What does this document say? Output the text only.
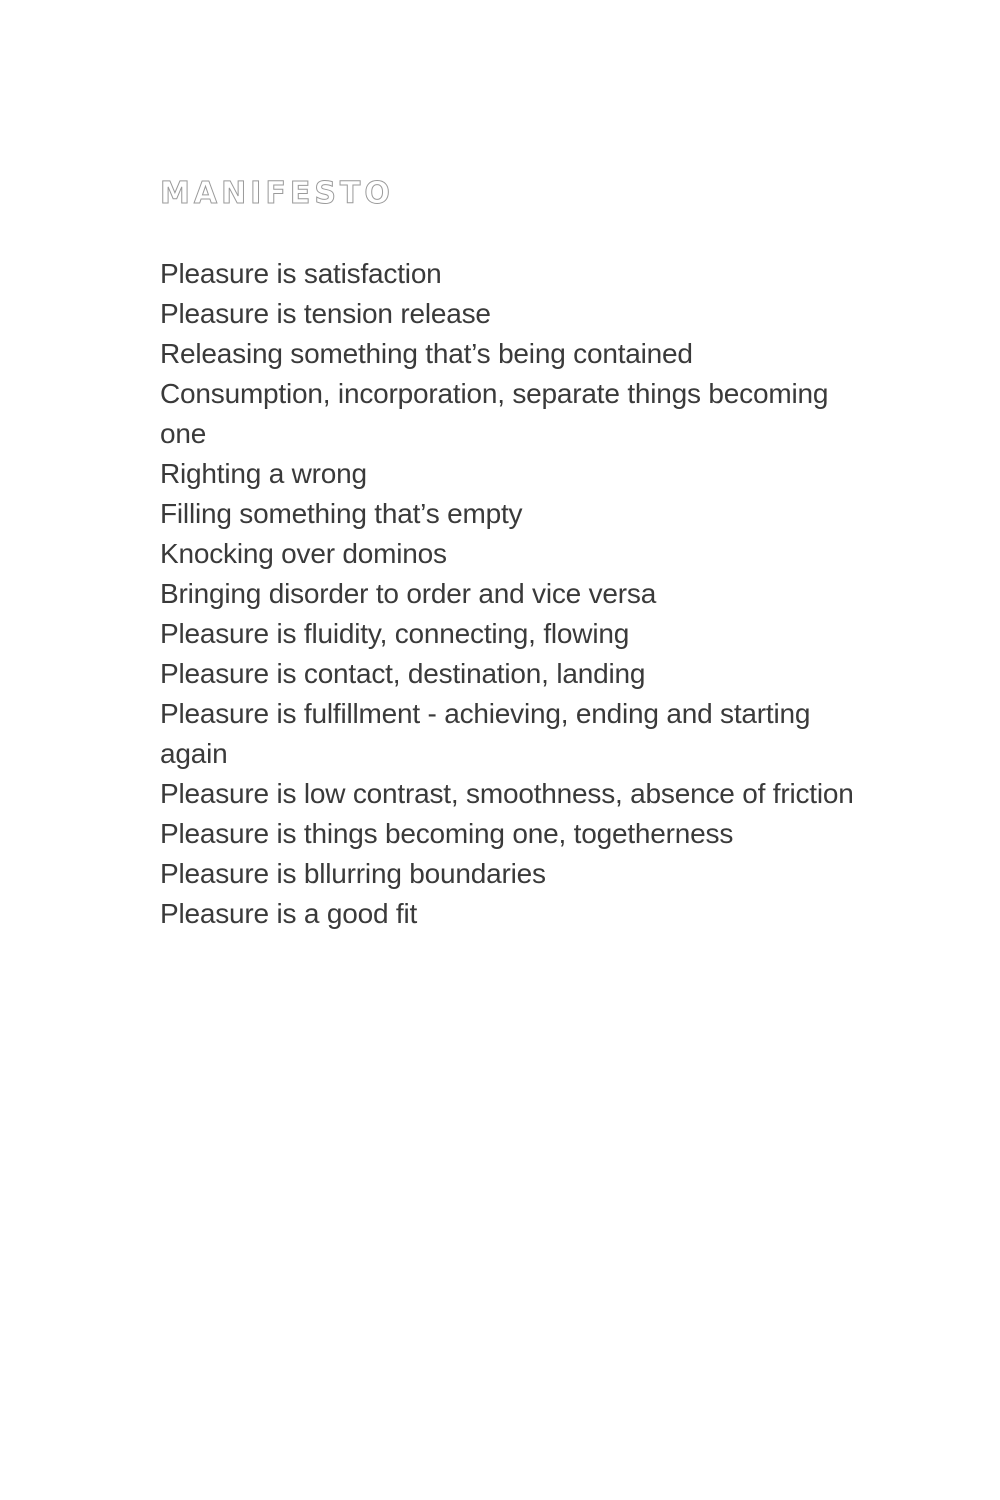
MANIFESTO
Pleasure is satisfaction
Pleasure is tension release
Releasing something that’s being contained
Consumption, incorporation, separate things becoming
one
Righting a wrong
Filling something that’s empty
Knocking over dominos
Bringing disorder to order and vice versa
Pleasure is fluidity, connecting, flowing
Pleasure is contact, destination, landing
Pleasure is fulfillment - achieving, ending and starting
again
Pleasure is low contrast, smoothness, absence of friction
Pleasure is things becoming one, togetherness
Pleasure is bllurring boundaries
Pleasure is a good fit
